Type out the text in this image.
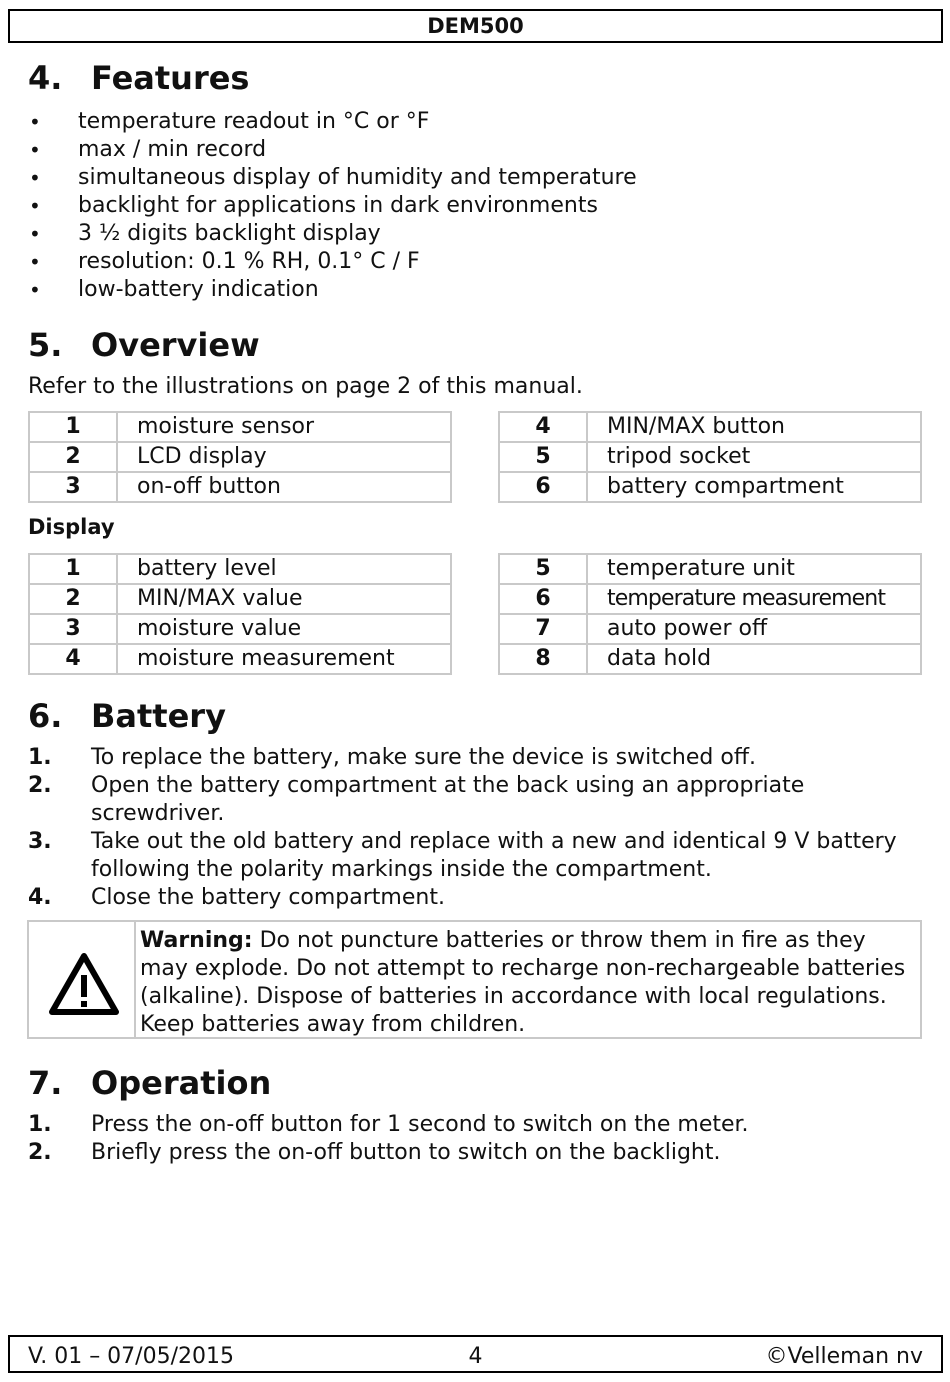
DEM500
4. Features
• temperature readout in °C or °F
• max / min record
• simultaneous display of humidity and temperature
• backlight for applications in dark environments
• 3 ½ digits backlight display
• resolution: 0.1 % RH, 0.1° C / F
• low-battery indication
5. Overview

Refer to the illustrations on page 2 of this manual.

1	moisture sensor
2	LCD display
3	on-off button
4	MIN/MAX button
5	tripod socket
6	battery compartment
Display
1	battery level
2	MIN/MAX value
3	moisture value
4	moisture measurement
5	temperature unit
6	temperature measurement
7	auto power off
8	data hold
6. Battery
1. To replace the battery, make sure the device is switched off.
2. Open the battery compartment at the back using an appropriate screwdriver.
3. Take out the old battery and replace with a new and identical 9 V battery following the polarity markings inside the compartment.
4. Close the battery compartment.
Warning: Do not puncture batteries or throw them in fire as they may explode. Do not attempt to recharge non-rechargeable batteries (alkaline). Dispose of batteries in accordance with local regulations. Keep batteries away from children.
7. Operation
1. Press the on-off button for 1 second to switch on the meter.
2. Briefly press the on-off button to switch on the backlight.
V. 01 – 07/05/2015	4	©Velleman nv
